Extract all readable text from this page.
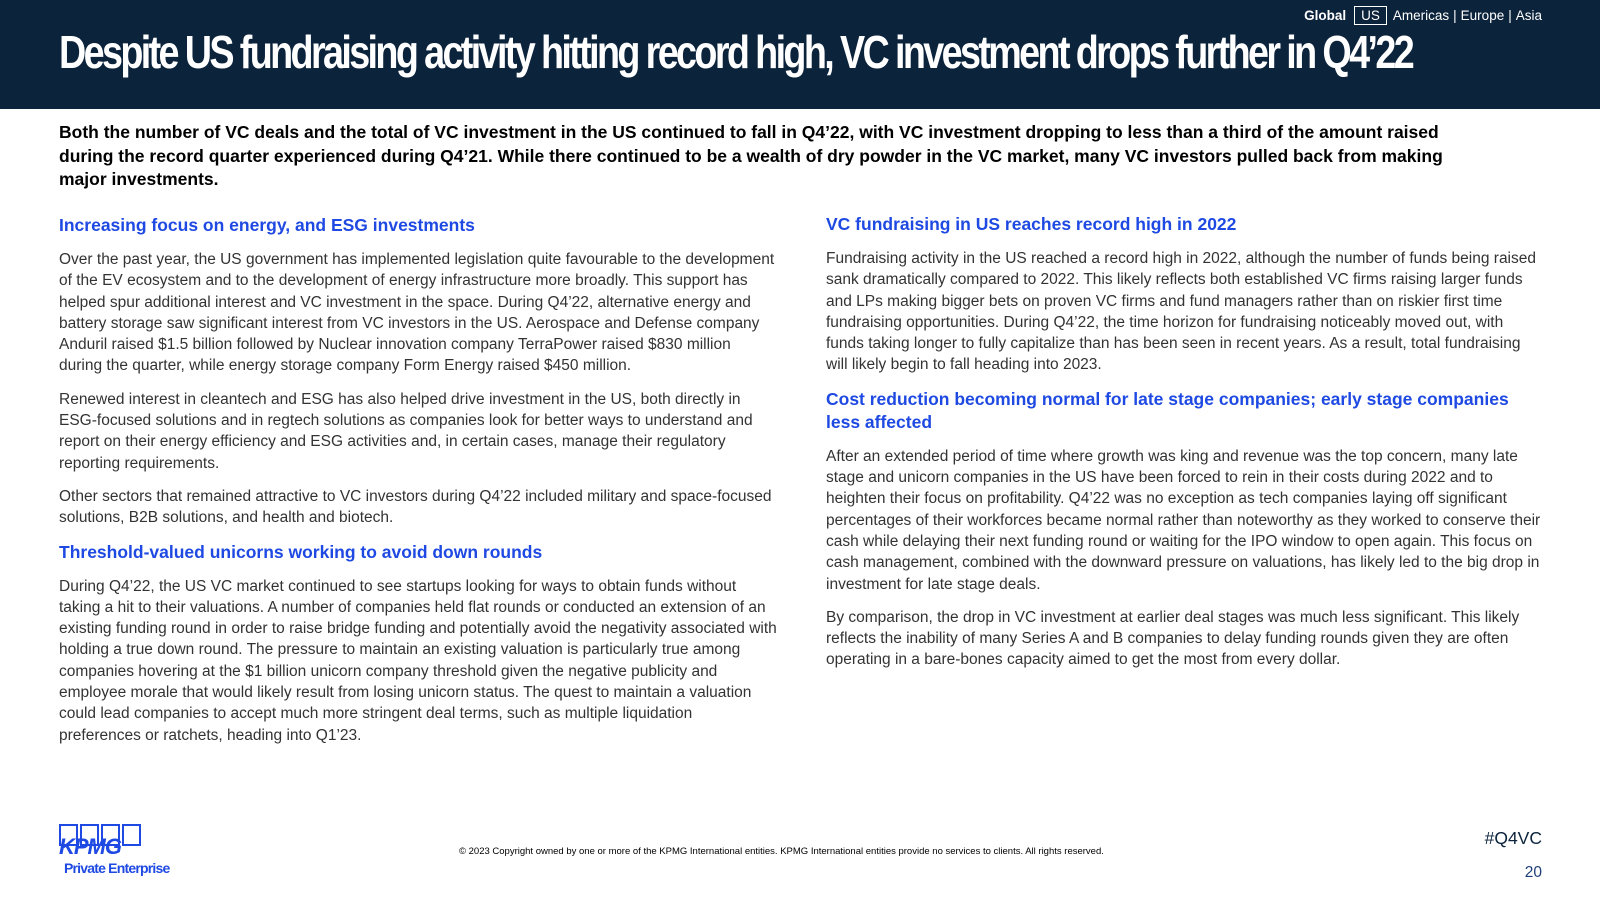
Despite US fundraising activity hitting record high, VC investment drops further in Q4’22
Global	US Americas | Europe | Asia

Both the number of VC deals and the total of VC investment in the US continued to fall in Q4’22, with VC investment dropping to less than a third of the amount raised during the record quarter experienced during Q4’21. While there continued to be a wealth of dry powder in the VC market, many VC investors pulled back from making major investments.

Increasing focus on energy, and ESG investments

Over the past year, the US government has implemented legislation quite favourable to the development of the EV ecosystem and to the development of energy infrastructure more broadly. This support has helped spur additional interest and VC investment in the space. During Q4’22, alternative energy and battery storage saw significant interest from VC investors in the US. Aerospace and Defense company Anduril raised $1.5 billion followed by Nuclear innovation company TerraPower raised $830 million during the quarter, while energy storage company Form Energy raised $450 million.

Renewed interest in cleantech and ESG has also helped drive investment in the US, both directly in ESG-focused solutions and in regtech solutions as companies look for better ways to understand and report on their energy efficiency and ESG activities and, in certain cases, manage their regulatory reporting requirements.

Other sectors that remained attractive to VC investors during Q4’22 included military and space-focused solutions, B2B solutions, and health and biotech.

Threshold-valued unicorns working to avoid down rounds

During Q4’22, the US VC market continued to see startups looking for ways to obtain funds without taking a hit to their valuations. A number of companies held flat rounds or conducted an extension of an existing funding round in order to raise bridge funding and potentially avoid the negativity associated with holding a true down round. The pressure to maintain an existing valuation is particularly true among companies hovering at the $1 billion unicorn company threshold given the negative publicity and employee morale that would likely result from losing unicorn status. The quest to maintain a valuation could lead companies to accept much more stringent deal terms, such as multiple liquidation preferences or ratchets, heading into Q1’23.

VC fundraising in US reaches record high in 2022

Fundraising activity in the US reached a record high in 2022, although the number of funds being raised sank dramatically compared to 2022. This likely reflects both established VC firms raising larger funds and LPs making bigger bets on proven VC firms and fund managers rather than on riskier first time fundraising opportunities. During Q4’22, the time horizon for fundraising noticeably moved out, with funds taking longer to fully capitalize than has been seen in recent years. As a result, total fundraising will likely begin to fall heading into 2023.

Cost reduction becoming normal for late stage companies; early stage companies less affected

After an extended period of time where growth was king and revenue was the top concern, many late stage and unicorn companies in the US have been forced to rein in their costs during 2022 and to heighten their focus on profitability. Q4’22 was no exception as tech companies laying off significant percentages of their workforces became normal rather than noteworthy as they worked to conserve their cash while delaying their next funding round or waiting for the IPO window to open again. This focus on cash management, combined with the downward pressure on valuations, has likely led to the big drop in investment for late stage deals.

By comparison, the drop in VC investment at earlier deal stages was much less significant. This likely reflects the inability of many Series A and B companies to delay funding rounds given they are often operating in a bare-bones capacity aimed to get the most from every dollar.

KPMG
Private Enterprise
© 2023 Copyright owned by one or more of the KPMG International entities. KPMG International entities provide no services to clients. All rights reserved.
#Q4VC
20
